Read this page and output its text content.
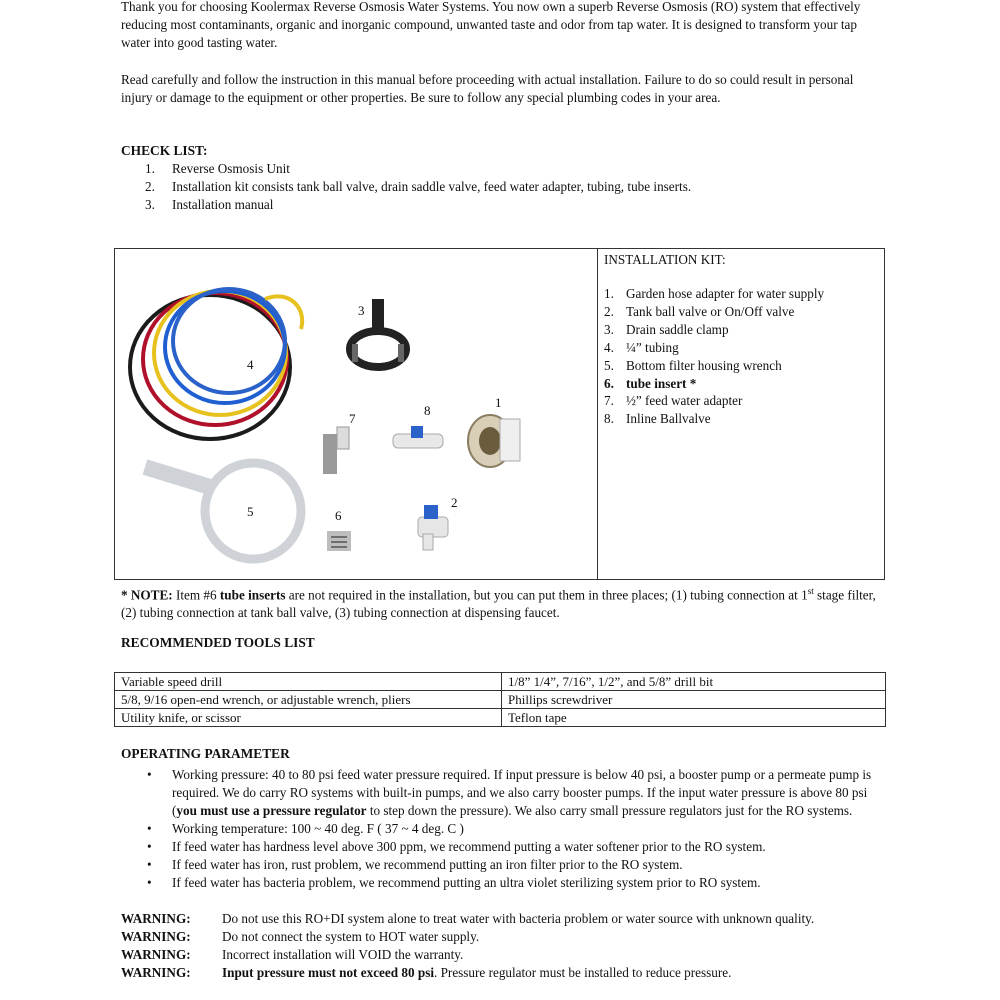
Thank you for choosing Koolermax Reverse Osmosis Water Systems. You now own a superb Reverse Osmosis (RO) system that effectively reducing most contaminants, organic and inorganic compound, unwanted taste and odor from tap water. It is designed to transform your tap water into good tasting water.

Read carefully and follow the instruction in this manual before proceeding with actual installation. Failure to do so could result in personal injury or damage to the equipment or other properties. Be sure to follow any special plumbing codes in your area.

CHECK LIST:

1.	Reverse Osmosis Unit
2.	Installation kit consists tank ball valve, drain saddle valve, feed water adapter, tubing, tube inserts.
3.	Installation manual
3
4
7
8
1
5	6
2

INSTALLATION KIT:

1. Garden hose adapter for water supply
2. Tank ball valve or On/Off valve
3. Drain saddle clamp
4. ¼” tubing
5. Bottom filter housing wrench
6. tube insert *
7. ½” feed water adapter
8. Inline Ballvalve

* NOTE: Item #6 tube inserts are not required in the installation, but you can put them in three places; (1) tubing connection at 1st stage filter, (2) tubing connection at tank ball valve, (3) tubing connection at dispensing faucet.

RECOMMENDED TOOLS LIST

Variable speed drill	1/8” 1/4”, 7/16”, 1/2”, and 5/8” drill bit
5/8, 9/16 open-end wrench, or adjustable wrench, pliers	Phillips screwdriver
Utility knife, or scissor	Teflon tape

OPERATING PARAMETER

• Working pressure: 40 to 80 psi feed water pressure required. If input pressure is below 40 psi, a booster pump or a permeate pump is required. We do carry RO systems with built-in pumps, and we also carry booster pumps. If the input water pressure is above 80 psi (you must use a pressure regulator to step down the pressure). We also carry small pressure regulators just for the RO systems.
• Working temperature: 100 ~ 40 deg. F ( 37 ~ 4 deg. C )
• If feed water has hardness level above 300 ppm, we recommend putting a water softener prior to the RO system.
• If feed water has iron, rust problem, we recommend putting an iron filter prior to the RO system.
• If feed water has bacteria problem, we recommend putting an ultra violet sterilizing system prior to RO system.
WARNING:	Do not use this RO+DI system alone to treat water with bacteria problem or water source with unknown quality.
WARNING:	Do not connect the system to HOT water supply.
WARNING:	Incorrect installation will VOID the warranty.
WARNING:	Input pressure must not exceed 80 psi. Pressure regulator must be installed to reduce pressure.
